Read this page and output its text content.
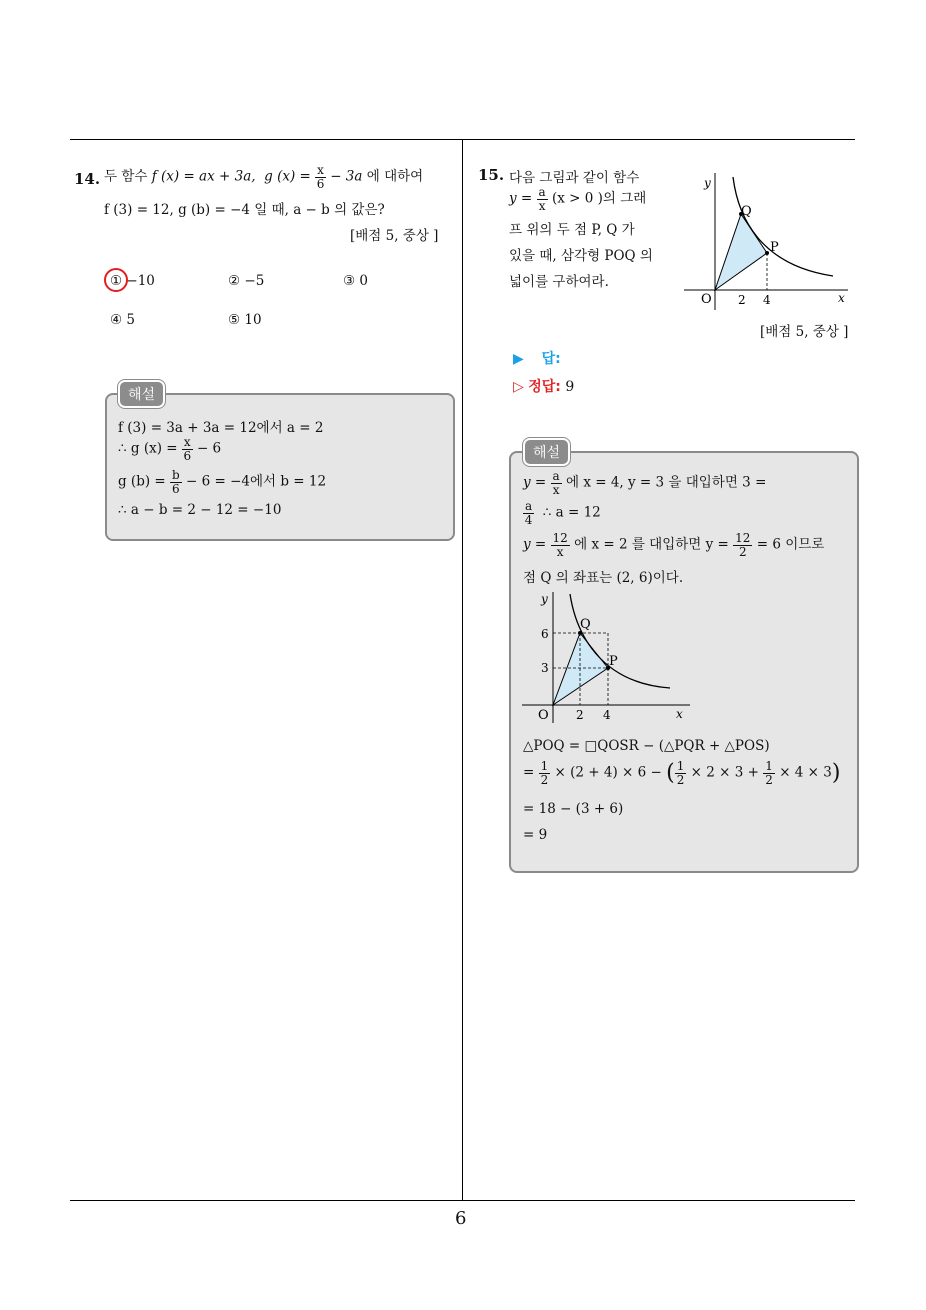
6
14. 두 함수 f (x) = ax + 3a, g $(x) = \frac{x}{6} - 3a$ 에 대하여
f (3) = 12, g (b) = −4 일 때, a − b 의 값은?
[배점 5, 중상 ]
① −10	② −5	③ 0
④ 5	⑤ 10
해설
f (3) = 3a + 3a = 12에서 a = 2
∴ g $(x) = \frac{x}{6} - 6$
g $(b) = \frac{b}{6} - 6 = -4$에서 b = 12
∴ a − b = 2 − 12 = −10
15. 다음 그림과 같이 함수
$y = \frac{a}{x} (x > 0$ )의 그래
프 위의 두 점 P, Q 가
있을 때, 삼각형 POQ 의
넓이를 구하여라.
y
x
O 2 4
Q
P
[배점 5, 중상 ]
▶ 답:
▷ 정답: 9
해설
$y = \frac{a}{x}$ 에 x = 4, y = 3 을 대입하면 3 =
$\frac{a}{4}$ ∴ a = 12
$y = \frac{12}{x}$ 에 x = 2 를 대입하면 $y = \frac{12}{2} = 6$ 이므로
점 Q 의 좌표는 (2, 6)이다.
y
x
O
6
3
2 4
Q
P
△POQ = □QOSR − (△PQR + △POS)
= $\frac{1}{2} \times (2 + 4) \times 6$ − ( $\frac{1}{2} \times 2 \times 3 + \frac{1}{2} \times 4 \times 3$)
= 18 − (3 + 6)
= 9
